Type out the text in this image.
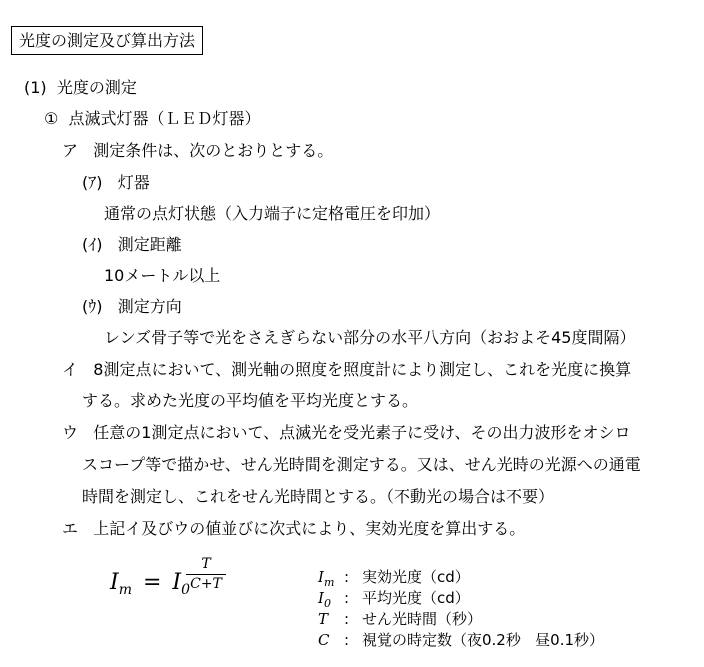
光度の測定及び算出方法
(1)  光度の測定
①  点滅式灯器（ＬＥＤ灯器）
ア   測定条件は、次のとおりとする。
(ｱ)   灯器
通常の点灯状態（入力端子に定格電圧を印加）
(ｲ)   測定距離
10メートル以上
(ｳ)   測定方向
レンズ骨子等で光をさえぎらない部分の水平八方向（おおよそ45度間隔）
イ   8測定点において、測光軸の照度を照度計により測定し、これを光度に換算
する。求めた光度の平均値を平均光度とする。
ウ   任意の1測定点において、点滅光を受光素子に受け、その出力波形をオシロ
スコープ等で描かせ、せん光時間を測定する。又は、せん光時の光源への通電
時間を測定し、これをせん光時間とする。（不動光の場合は不要）
エ   上記イ及びウの値並びに次式により、実効光度を算出する。
$I_m = I_0$
T
C+T	$I_m$ : 実効光度（cd）
$I_0$ : 平均光度（cd）
T : せん光時間（秒）
C : 視覚の時定数（夜0.2秒   昼0.1秒）
